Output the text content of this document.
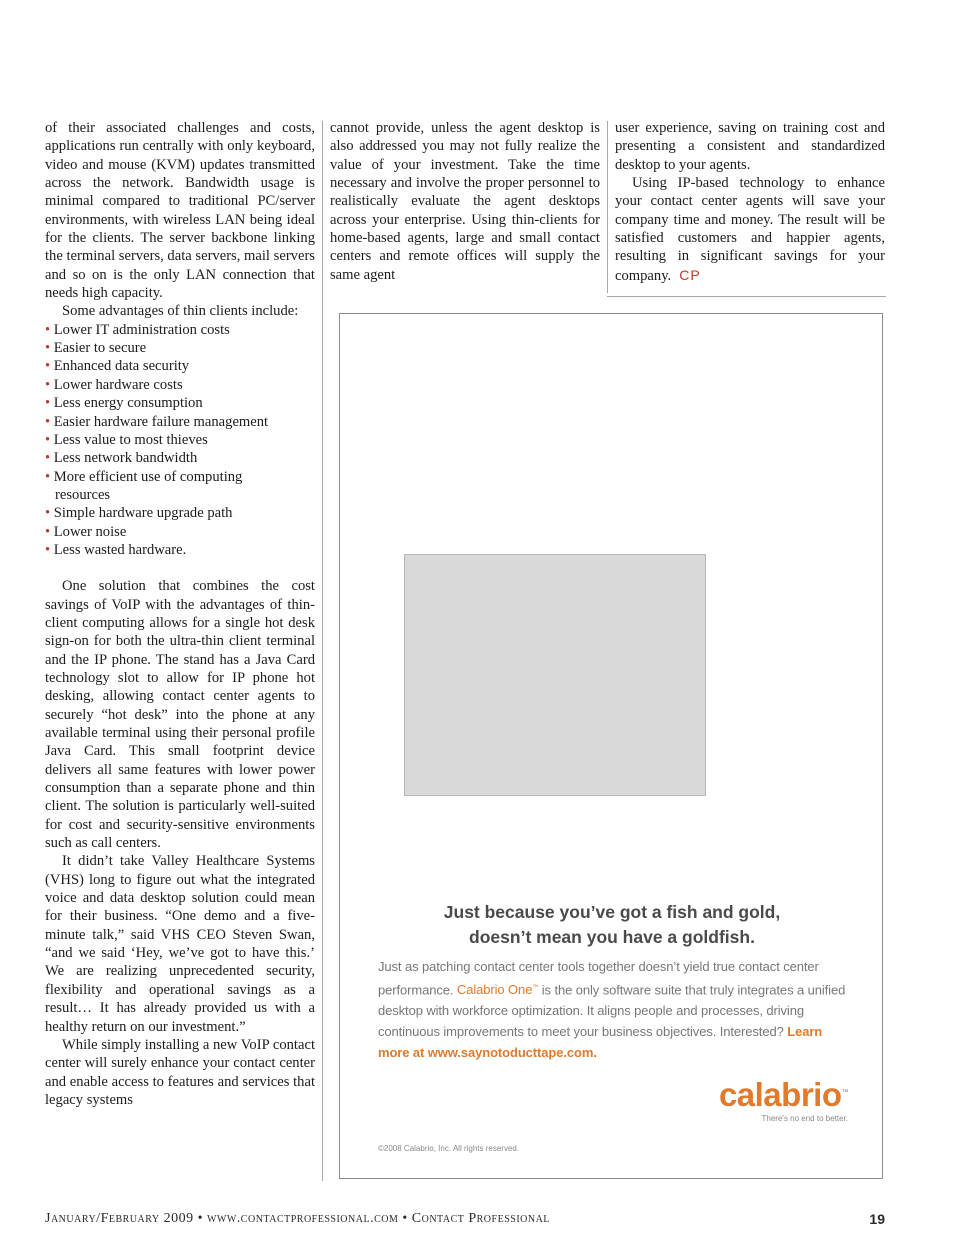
of their associated challenges and costs, applications run centrally with only keyboard, video and mouse (KVM) updates transmitted across the network. Bandwidth usage is minimal compared to traditional PC/server environments, with wireless LAN being ideal for the clients. The server backbone linking the terminal servers, data servers, mail servers and so on is the only LAN connection that needs high capacity.

Some advantages of thin clients include:

• Lower IT administration costs
• Easier to secure
• Enhanced data security
• Lower hardware costs
• Less energy consumption
• Easier hardware failure management
• Less value to most thieves
• Less network bandwidth
• More efficient use of computing resources
• Simple hardware upgrade path
• Lower noise
• Less wasted hardware.

One solution that combines the cost savings of VoIP with the advantages of thin-client computing allows for a single hot desk sign-on for both the ultra-thin client terminal and the IP phone. The stand has a Java Card technology slot to allow for IP phone hot desking, allowing contact center agents to securely “hot desk” into the phone at any available terminal using their personal profile Java Card. This small footprint device delivers all same features with lower power consumption than a separate phone and thin client. The solution is particularly well-suited for cost and security-sensitive environments such as call centers.

It didn’t take Valley Healthcare Systems (VHS) long to figure out what the integrated voice and data desktop solution could mean for their business. “One demo and a five-minute talk,” said VHS CEO Steven Swan, “and we said ‘Hey, we’ve got to have this.’ We are realizing unprecedented security, flexibility and operational savings as a result… It has already provided us with a healthy return on our investment.”

While simply installing a new VoIP contact center will surely enhance your contact center and enable access to features and services that legacy systems

cannot provide, unless the agent desktop is also addressed you may not fully realize the value of your investment. Take the time necessary and involve the proper personnel to realistically evaluate the agent desktops across your enterprise. Using thin-clients for home-based agents, large and small contact centers and remote offices will supply the same agent

user experience, saving on training cost and presenting a consistent and standardized desktop to your agents.

Using IP-based technology to enhance your contact center agents will save your company time and money. The result will be satisfied customers and happier agents, resulting in significant savings for your company. CP

Just because you’ve got a fish and gold,
doesn’t mean you have a goldfish.
Just as patching contact center tools together doesn’t yield true contact center performance. Calabrio One™ is the only software suite that truly integrates a unified desktop with workforce optimization. It aligns people and processes, driving continuous improvements to meet your business objectives. Interested? Learn more at www.saynotoducttape.com.
calabrio™
There's no end to better.
©2008 Calabrio, Inc. All rights reserved.
January/February 2009 • www.contactprofessional.com • Contact Professional	19
